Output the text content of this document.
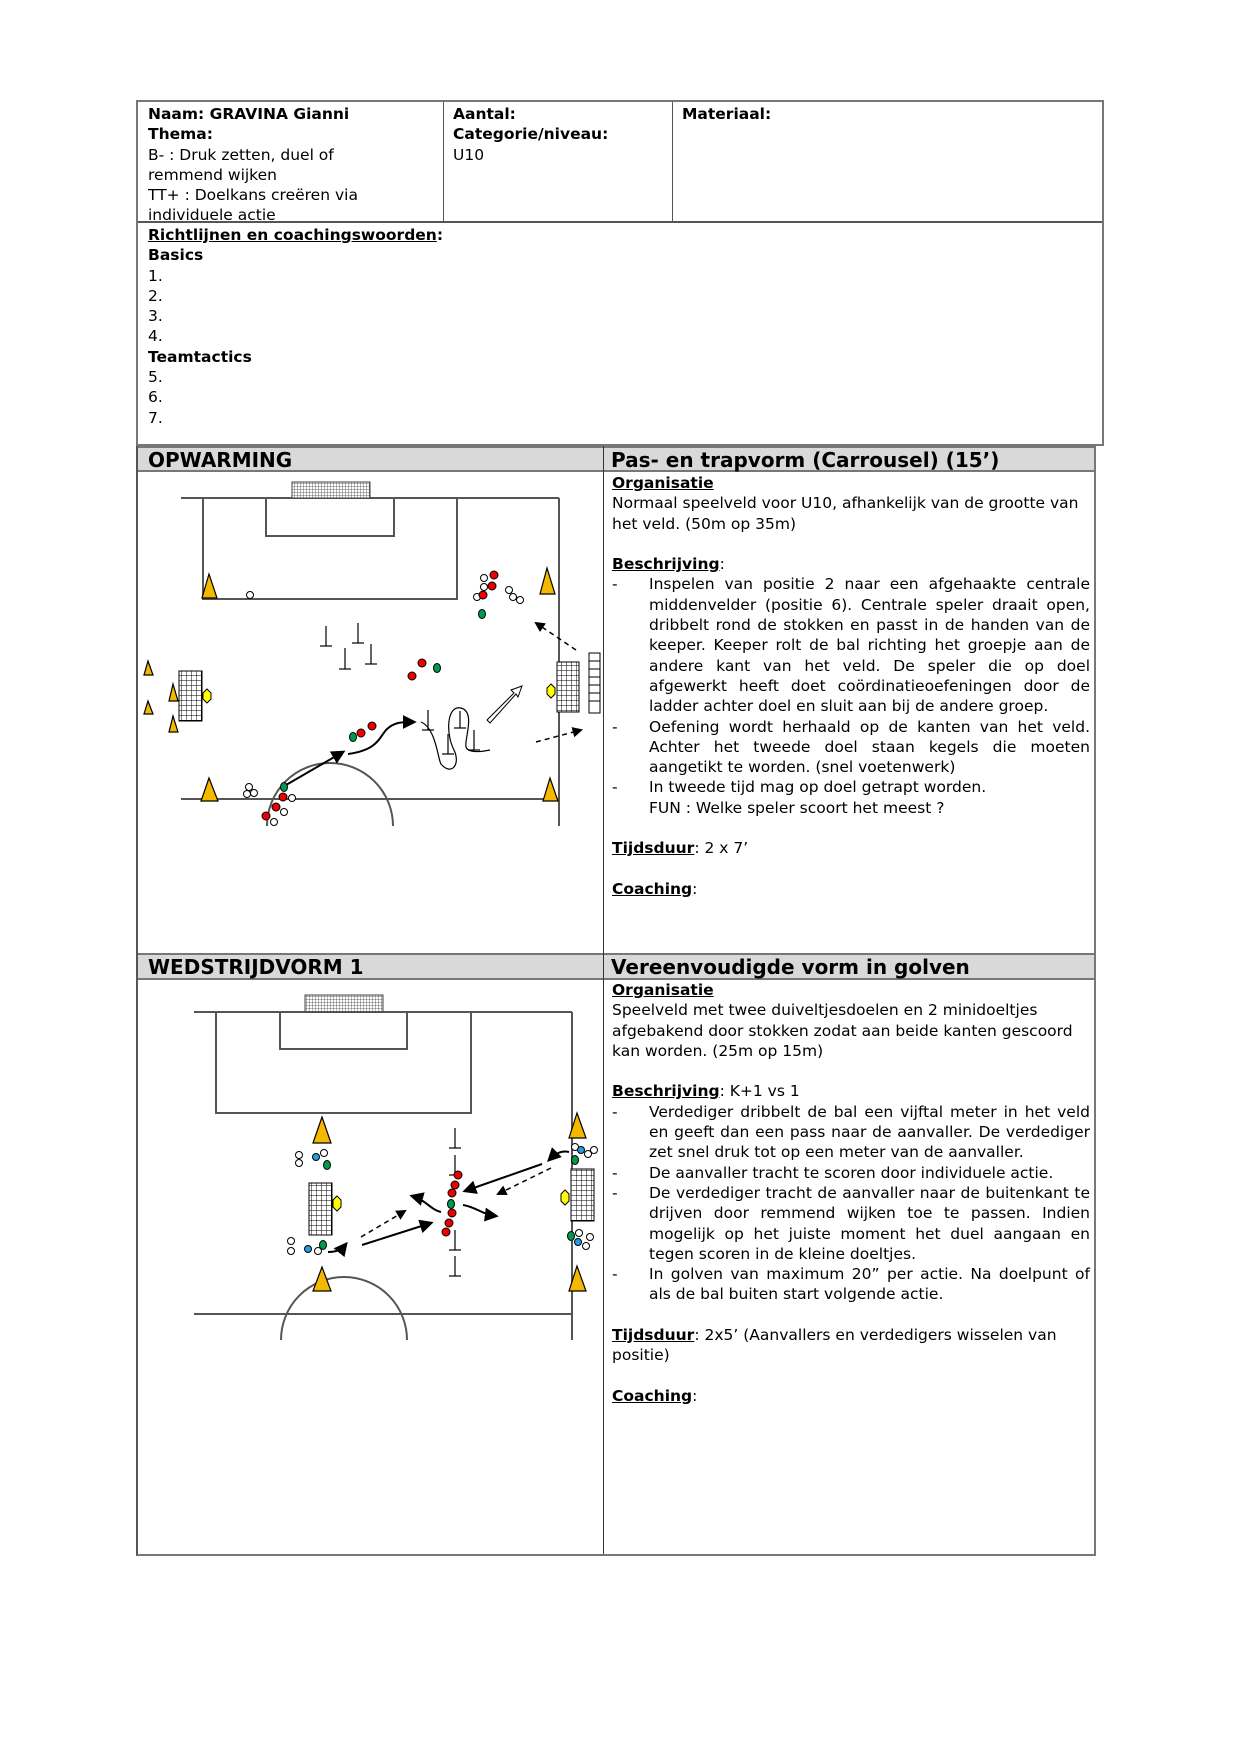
Naam: GRAVINA Gianni
Thema:
B- : Druk zetten, duel of
remmend wijken
TT+ : Doelkans creëren via
individuele actie
Aantal:
Categorie/niveau:
U10
Materiaal:
Richtlijnen en coachingswoorden:
Basics
1.
2.
3.
4.
Teamtactics
5.
6.
7.
OPWARMING	Pas- en trapvorm (Carrousel) (15’)
Organisatie
Normaal speelveld voor U10, afhankelijk van de grootte van het veld. (50m op 35m)
Beschrijving:
-	Inspelen van positie 2 naar een afgehaakte centrale middenvelder (positie 6). Centrale speler draait open, dribbelt rond de stokken en passt in de handen van de keeper. Keeper rolt de bal richting het groepje aan de andere kant van het veld. De speler die op doel afgewerkt heeft doet coördinatieoefeningen door de ladder achter doel en sluit aan bij de andere groep.
-	Oefening wordt herhaald op de kanten van het veld. Achter het tweede doel staan kegels die moeten aangetikt te worden. (snel voetenwerk)
-	In tweede tijd mag op doel getrapt worden.
FUN : Welke speler scoort het meest ?
Tijdsduur: 2 x 7’
Coaching:
WEDSTRIJDVORM 1	Vereenvoudigde vorm in golven
Organisatie
Speelveld met twee duiveltjesdoelen en 2 minidoeltjes afgebakend door stokken zodat aan beide kanten gescoord kan worden. (25m op 15m)
Beschrijving: K+1 vs 1
-	Verdediger dribbelt de bal een vijftal meter in het veld en geeft dan een pass naar de aanvaller. De verdediger zet snel druk tot op een meter van de aanvaller.
-	De aanvaller tracht te scoren door individuele actie.
-	De verdediger tracht de aanvaller naar de buitenkant te drijven door remmend wijken toe te passen. Indien mogelijk op het juiste moment het duel aangaan en tegen scoren in de kleine doeltjes.
-	In golven van maximum 20” per actie. Na doelpunt of als de bal buiten start volgende actie.
Tijdsduur: 2x5’ (Aanvallers en verdedigers wisselen van positie)
Coaching:
